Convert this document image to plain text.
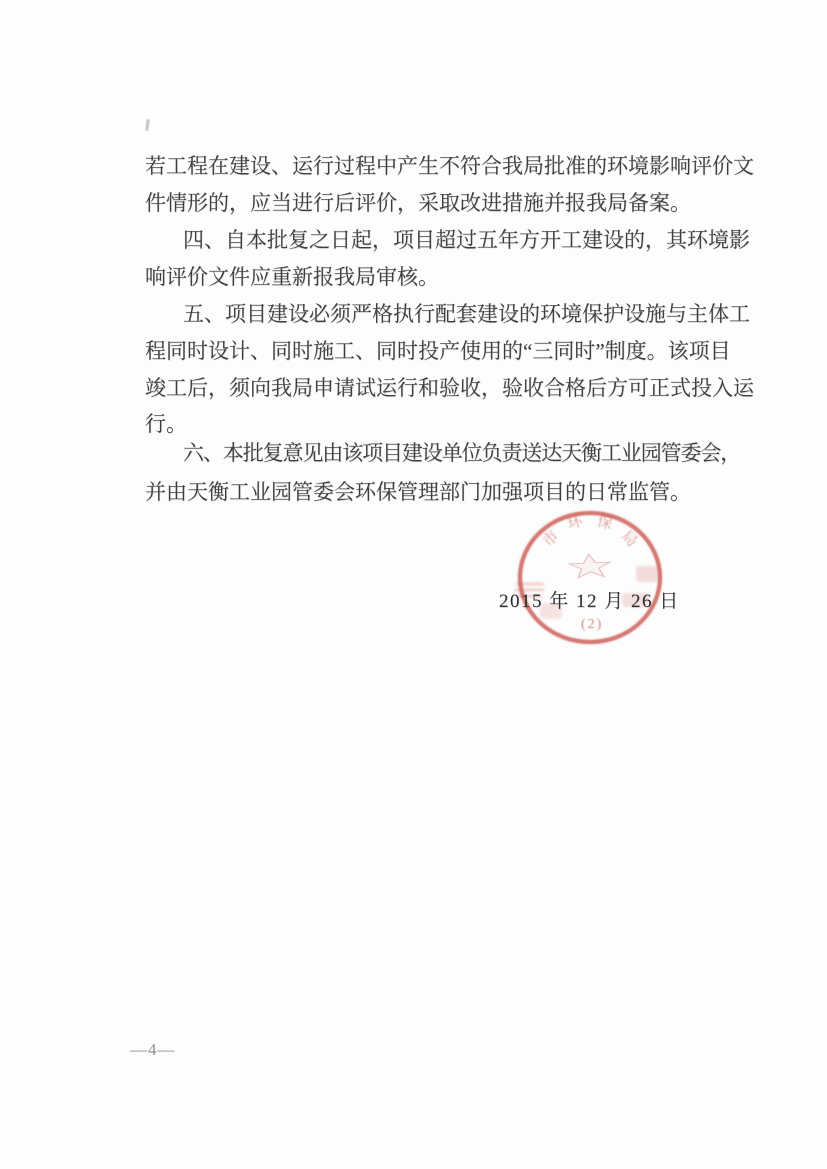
若工程在建设、运行过程中产生不符合我局批准的环境影响评价文
件情形的，应当进行后评价，采取改进措施并报我局备案。
四、自本批复之日起，项目超过五年方开工建设的，其环境影
响评价文件应重新报我局审核。
五、项目建设必须严格执行配套建设的环境保护设施与主体工
程同时设计、同时施工、同时投产使用的“三同时”制度。该项目
竣工后，须向我局申请试运行和验收，验收合格后方可正式投入运
行。
六、本批复意见由该项目建设单位负责送达天衡工业园管委会，
并由天衡工业园管委会环保管理部门加强项目的日常监管。
市
环 保
局
(2)
2015 年 12 月 26 日
—4—
